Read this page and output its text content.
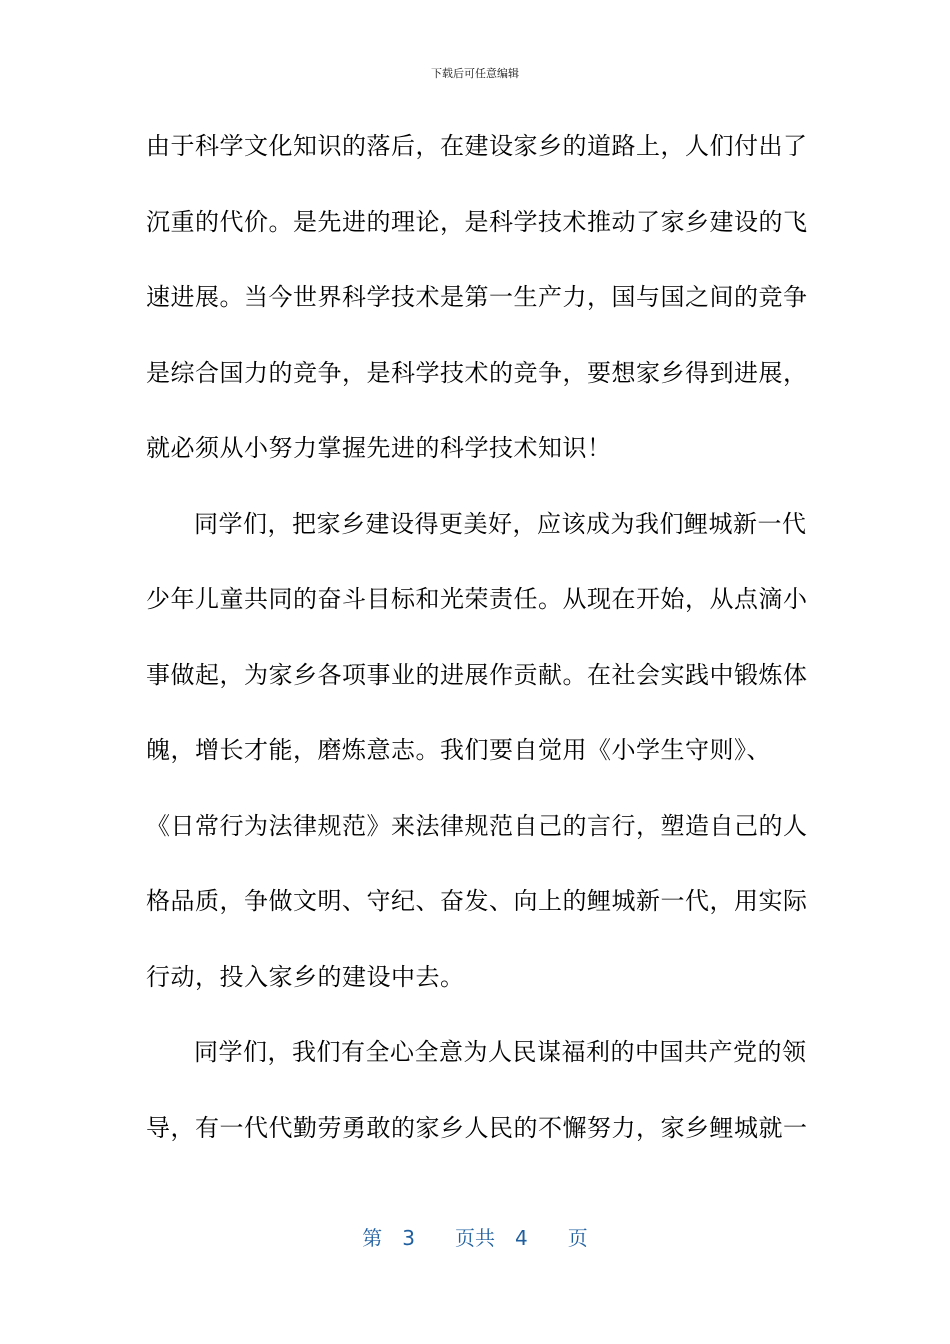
下载后可任意编辑
由于科学文化知识的落后，在建设家乡的道路上，人们付出了
沉重的代价。是先进的理论，是科学技术推动了家乡建设的飞
速进展。当今世界科学技术是第一生产力，国与国之间的竞争
是综合国力的竞争，是科学技术的竞争，要想家乡得到进展，
就必须从小努力掌握先进的科学技术知识！
同学们，把家乡建设得更美好，应该成为我们鲤城新一代
少年儿童共同的奋斗目标和光荣责任。从现在开始，从点滴小
事做起，为家乡各项事业的进展作贡献。在社会实践中锻炼体
魄，增长才能，磨炼意志。我们要自觉用《小学生守则》、
《日常行为法律规范》来法律规范自己的言行，塑造自己的人
格品质，争做文明、守纪、奋发、向上的鲤城新一代，用实际
行动，投入家乡的建设中去。
同学们，我们有全心全意为人民谋福利的中国共产党的领
导，有一代代勤劳勇敢的家乡人民的不懈努力，家乡鲤城就一
第 3 页共 4 页
